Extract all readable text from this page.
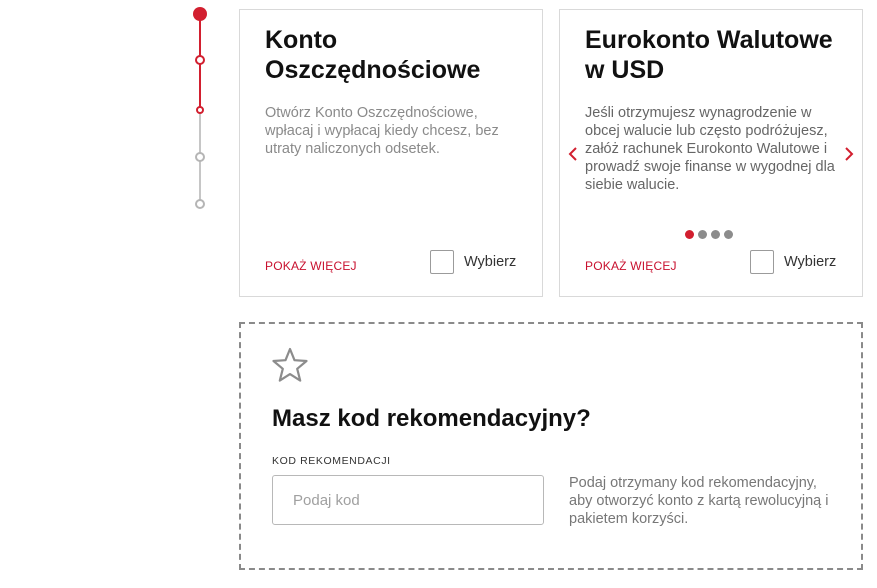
Konto Oszczędnościowe
Otwórz Konto Oszczędnościowe, wpłacaj i wypłacaj kiedy chcesz, bez utraty naliczonych odsetek.
POKAŻ WIĘCEJ	Wybierz
Eurokonto Walutowe w USD
Jeśli otrzymujesz wynagrodzenie w obcej walucie lub często podróżujesz, załóż rachunek Eurokonto Walutowe i prowadź swoje finanse w wygodnej dla siebie walucie.
POKAŻ WIĘCEJ	Wybierz
Masz kod rekomendacyjny?
KOD REKOMENDACJI
Podaj kod
Podaj otrzymany kod rekomendacyjny, aby otworzyć konto z kartą rewolucyjną i pakietem korzyści.
